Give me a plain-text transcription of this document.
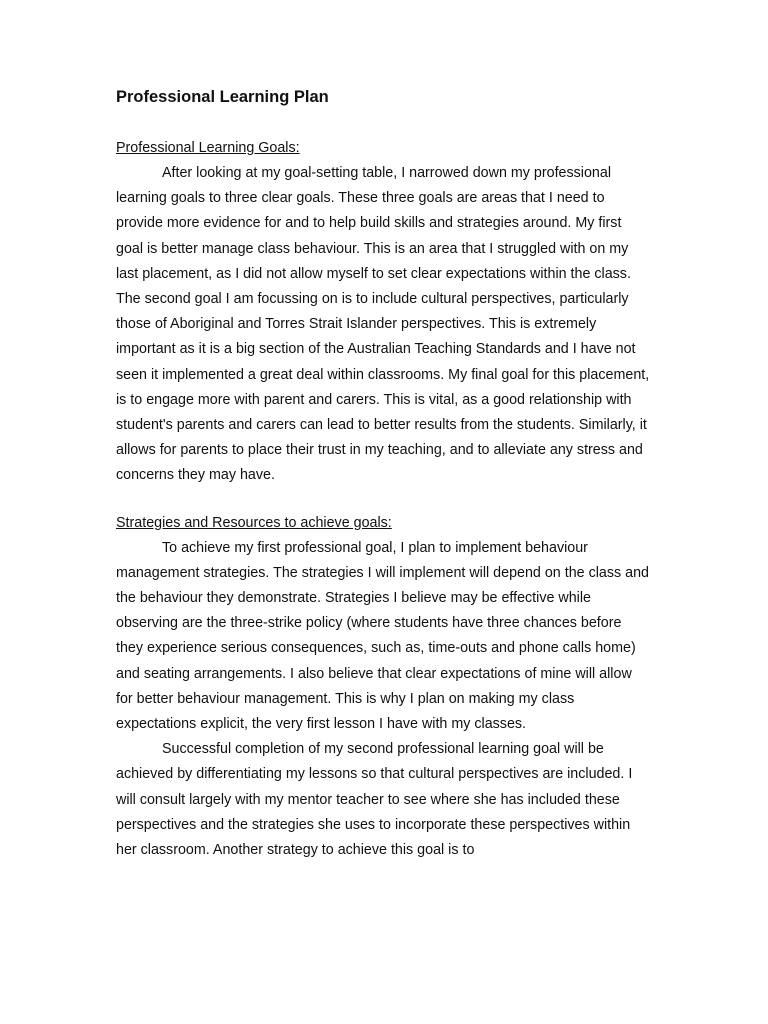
Professional Learning Plan

Professional Learning Goals:

After looking at my goal-setting table, I narrowed down my professional learning goals to three clear goals. These three goals are areas that I need to provide more evidence for and to help build skills and strategies around. My first goal is better manage class behaviour. This is an area that I struggled with on my last placement, as I did not allow myself to set clear expectations within the class. The second goal I am focussing on is to include cultural perspectives, particularly those of Aboriginal and Torres Strait Islander perspectives. This is extremely important as it is a big section of the Australian Teaching Standards and I have not seen it implemented a great deal within classrooms. My final goal for this placement, is to engage more with parent and carers. This is vital, as a good relationship with student's parents and carers can lead to better results from the students. Similarly, it allows for parents to place their trust in my teaching, and to alleviate any stress and concerns they may have.

Strategies and Resources to achieve goals:

To achieve my first professional goal, I plan to implement behaviour management strategies. The strategies I will implement will depend on the class and the behaviour they demonstrate. Strategies I believe may be effective while observing are the three-strike policy (where students have three chances before they experience serious consequences, such as, time-outs and phone calls home) and seating arrangements. I also believe that clear expectations of mine will allow for better behaviour management. This is why I plan on making my class expectations explicit, the very first lesson I have with my classes.

Successful completion of my second professional learning goal will be achieved by differentiating my lessons so that cultural perspectives are included. I will consult largely with my mentor teacher to see where she has included these perspectives and the strategies she uses to incorporate these perspectives within her classroom. Another strategy to achieve this goal is to
